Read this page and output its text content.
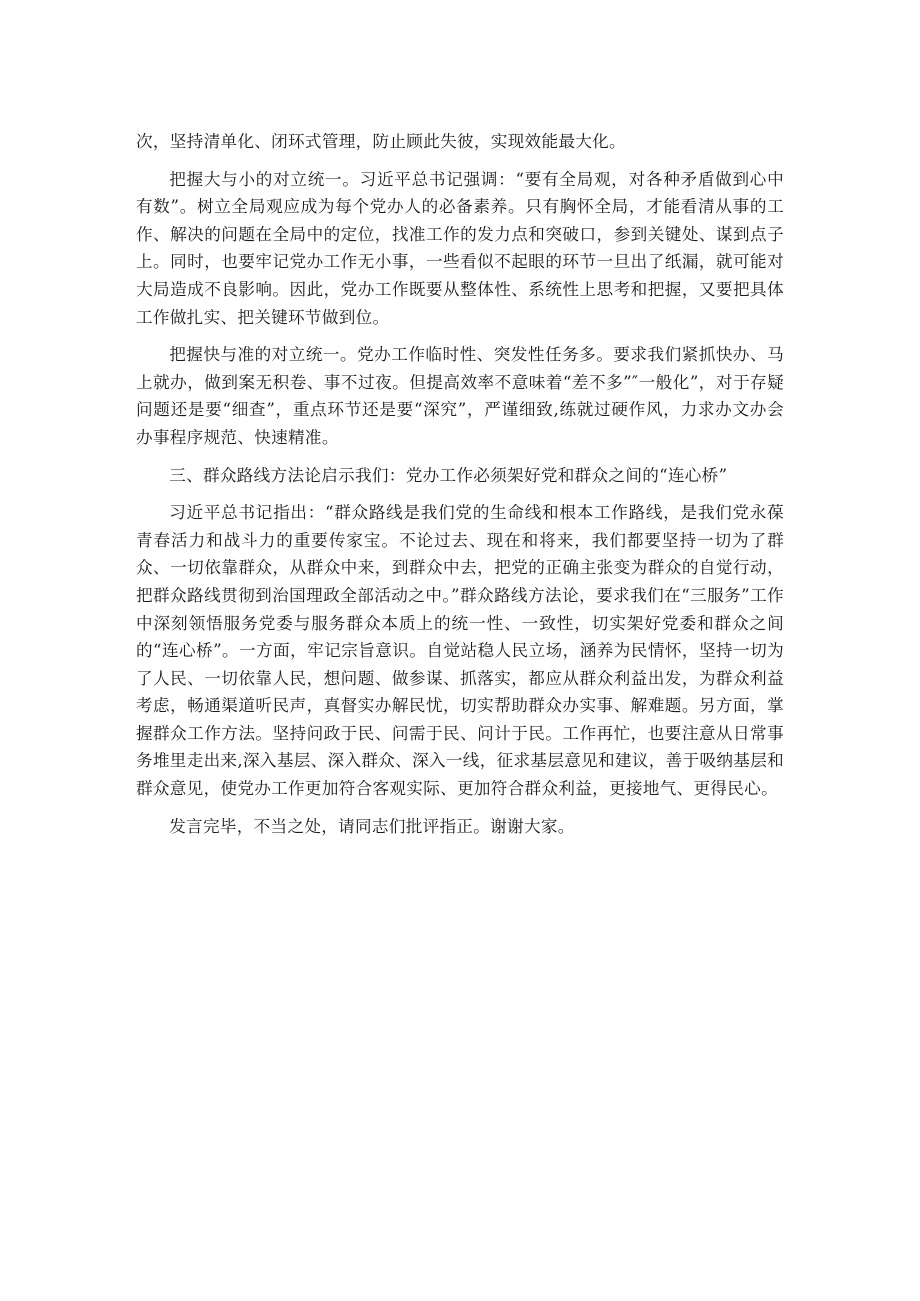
次，坚持清单化、闭环式管理，防止顾此失彼，实现效能最大化。

把握大与小的对立统一。习近平总书记强调：“要有全局观，对各种矛盾做到心中有数”。树立全局观应成为每个党办人的必备素养。只有胸怀全局，才能看清从事的工作、解决的问题在全局中的定位，找准工作的发力点和突破口，参到关键处、谋到点子上。同时，也要牢记党办工作无小事，一些看似不起眼的环节一旦出了纸漏，就可能对大局造成不良影响。因此，党办工作既要从整体性、系统性上思考和把握，又要把具体工作做扎实、把关键环节做到位。

把握快与准的对立统一。党办工作临时性、突发性任务多。要求我们紧抓快办、马上就办，做到案无积卷、事不过夜。但提高效率不意味着“差不多”″一般化”，对于存疑问题还是要“细查”，重点环节还是要“深究”，严谨细致,练就过硬作风，力求办文办会办事程序规范、快速精准。

三、群众路线方法论启示我们：党办工作必须架好党和群众之间的“连心桥”

习近平总书记指出：“群众路线是我们党的生命线和根本工作路线，是我们党永葆青春活力和战斗力的重要传家宝。不论过去、现在和将来，我们都要坚持一切为了群众、一切依靠群众，从群众中来，到群众中去，把党的正确主张变为群众的自觉行动，把群众路线贯彻到治国理政全部活动之中。”群众路线方法论，要求我们在“三服务”工作中深刻领悟服务党委与服务群众本质上的统一性、一致性，切实架好党委和群众之间的“连心桥”。一方面，牢记宗旨意识。自觉站稳人民立场，涵养为民情怀，坚持一切为了人民、一切依靠人民，想问题、做参谋、抓落实，都应从群众利益出发，为群众利益考虑，畅通渠道听民声，真督实办解民忧，切实帮助群众办实事、解难题。另方面，掌握群众工作方法。坚持问政于民、问需于民、问计于民。工作再忙，也要注意从日常事务堆里走出来,深入基层、深入群众、深入一线，征求基层意见和建议，善于吸纳基层和群众意见，使党办工作更加符合客观实际、更加符合群众利益，更接地气、更得民心。

发言完毕，不当之处，请同志们批评指正。谢谢大家。
